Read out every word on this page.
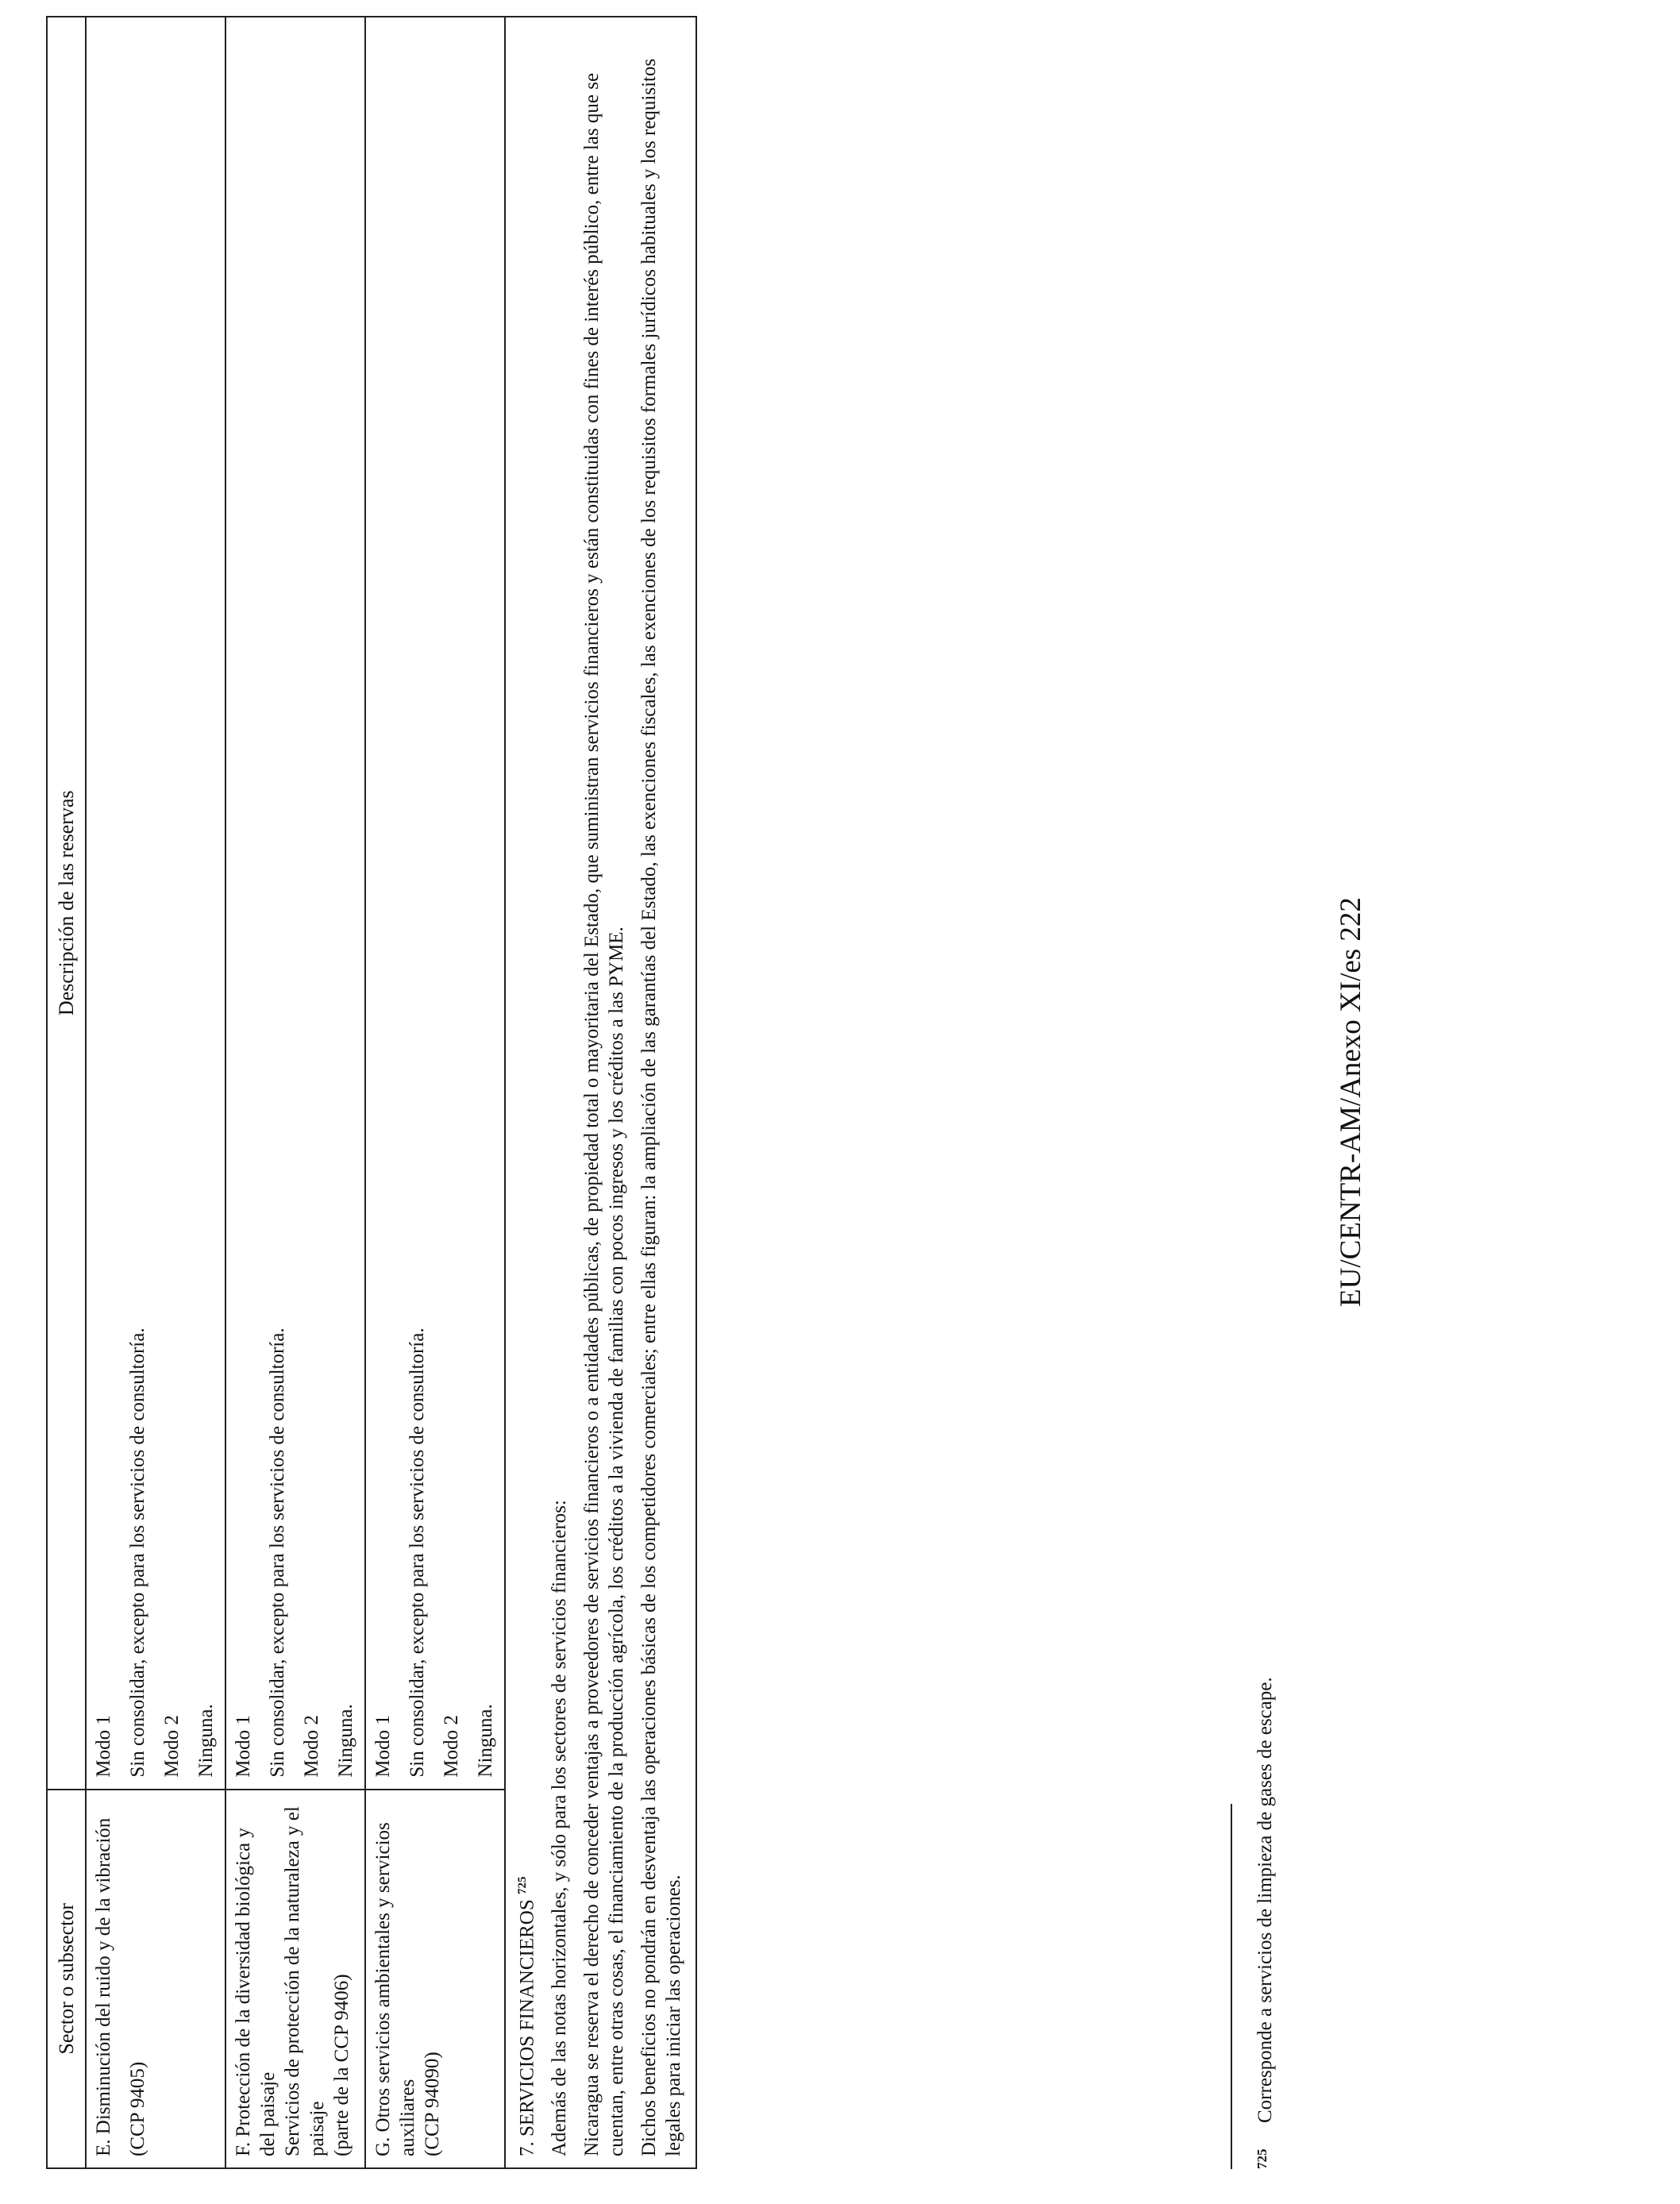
Sector o subsector	Descripción de las reservas

E. Disminución del ruido y de la vibración (CCP 9405)	Modo 1 Sin consolidar, excepto para los servicios de consultoría. Modo 2 Ninguna.

F. Protección de la diversidad biológica y del paisaje Servicios de protección de la naturaleza y el paisaje (parte de la CCP 9406)	Modo 1 Sin consolidar, excepto para los servicios de consultoría. Modo 2 Ninguna.

G. Otros servicios ambientales y servicios auxiliares (CCP 94090)	Modo 1 Sin consolidar, excepto para los servicios de consultoría. Modo 2 Ninguna.

7. SERVICIOS FINANCIEROS $^{725}$ Además de las notas horizontales, y sólo para los sectores de servicios financieros: Nicaragua se reserva el derecho de conceder ventajas a proveedores de servicios financieros o a entidades públicas, de propiedad total o mayoritaria del Estado, que suministran servicios financieros y están constituidas con fines de interés público, entre las que se cuentan, entre otras cosas, el financiamiento de la producción agrícola, los créditos a la vivienda de familias con pocos ingresos y los créditos a las PYME. Dichos beneficios no pondrán en desventaja las operaciones básicas de los competidores comerciales; entre ellas figuran: la ampliación de las garantías del Estado, las exenciones fiscales, las exenciones de los requisitos formales jurídicos habituales y los requisitos legales para iniciar las operaciones.	

EU/CENTR-AM/Anexo XI/es 222
725Corresponde a servicios de limpieza de gases de escape.
